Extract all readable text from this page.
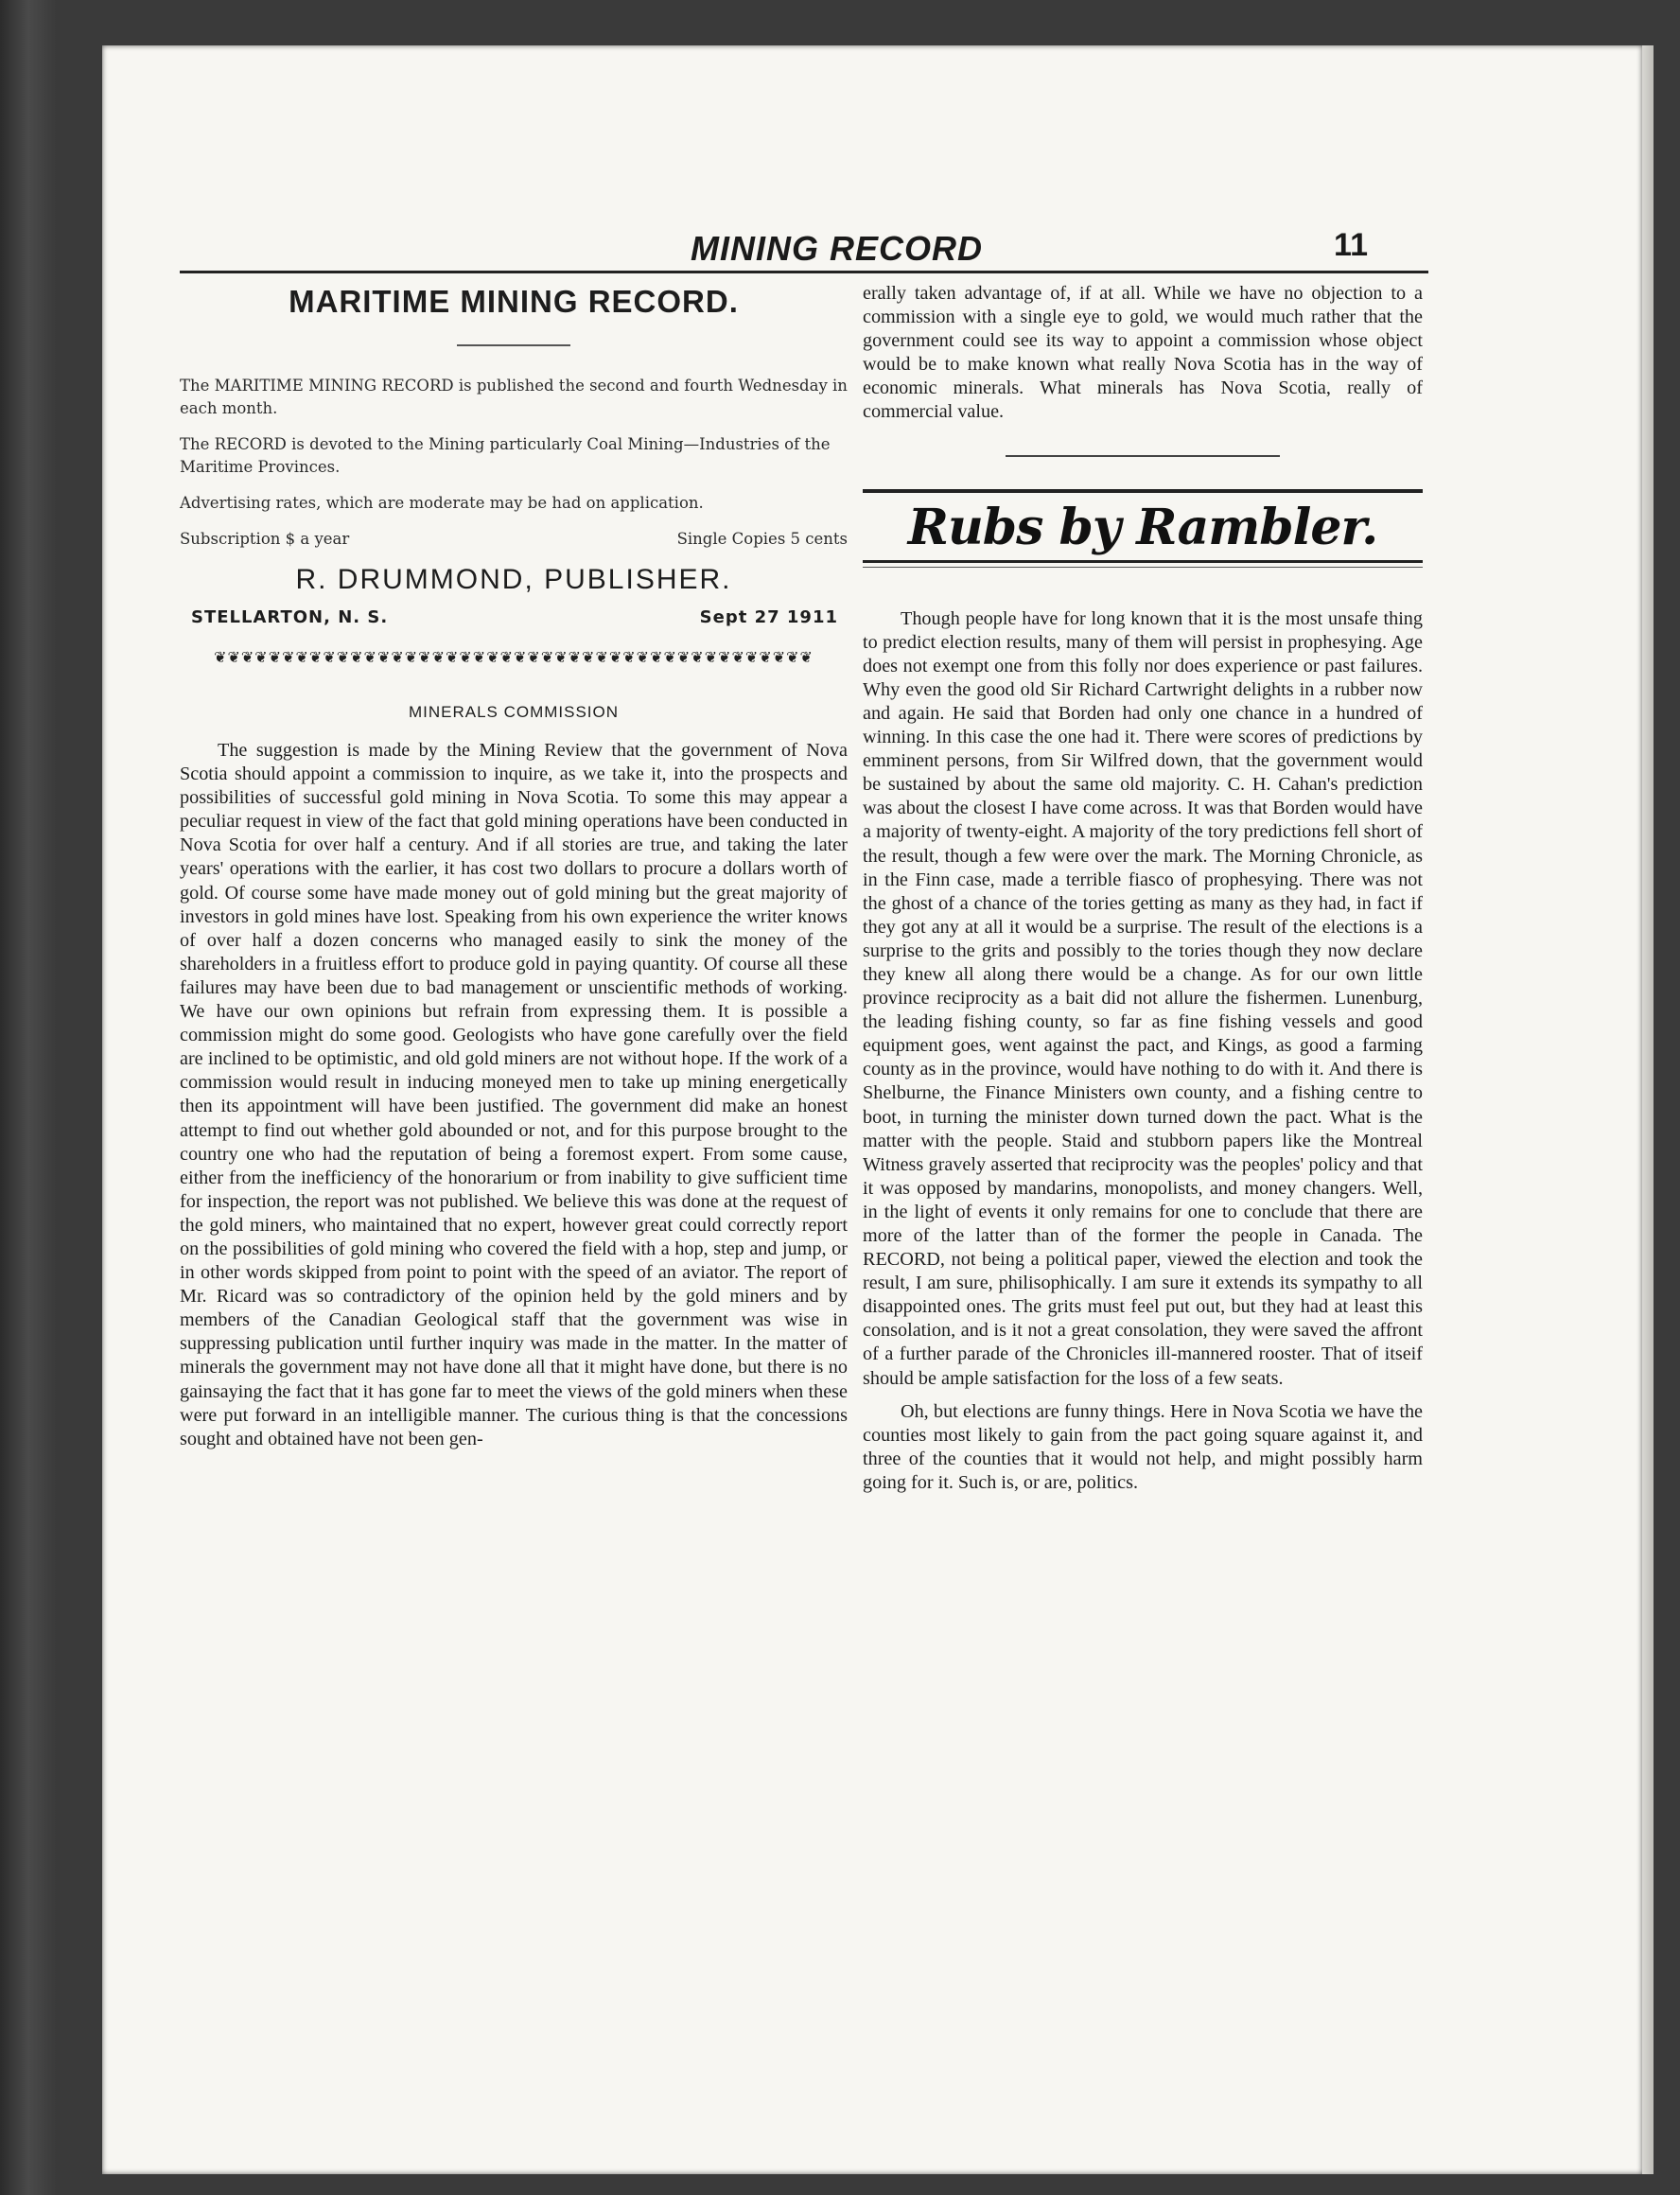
MINING RECORD	11
MARITIME MINING RECORD.

The MARITIME MINING RECORD is published the second and fourth Wednesday in each month.

The RECORD is devoted to the Mining particularly Coal Mining—Industries of the Maritime Provinces.

Advertising rates, which are moderate may be had on application.

Subscription $ a year	Single Copies 5 cents
R. DRUMMOND, PUBLISHER.
STELLARTON, N. S.	Sept 27 1911
❦❦❦❦❦❦❦❦❦❦❦❦❦❦❦❦❦❦❦❦❦❦❦❦❦❦❦❦❦❦❦❦❦❦❦❦❦❦❦❦❦❦❦❦
MINERALS COMMISSION

The suggestion is made by the Mining Review that the government of Nova Scotia should appoint a commission to inquire, as we take it, into the prospects and possibilities of successful gold mining in Nova Scotia. To some this may appear a peculiar request in view of the fact that gold mining operations have been conducted in Nova Scotia for over half a century. And if all stories are true, and taking the later years' operations with the earlier, it has cost two dollars to procure a dollars worth of gold. Of course some have made money out of gold mining but the great majority of investors in gold mines have lost. Speaking from his own experience the writer knows of over half a dozen concerns who managed easily to sink the money of the shareholders in a fruitless effort to produce gold in paying quantity. Of course all these failures may have been due to bad management or unscientific methods of working. We have our own opinions but refrain from expressing them. It is possible a commission might do some good. Geologists who have gone carefully over the field are inclined to be optimistic, and old gold miners are not without hope. If the work of a commission would result in inducing moneyed men to take up mining energetically then its appointment will have been justified. The government did make an honest attempt to find out whether gold abounded or not, and for this purpose brought to the country one who had the reputation of being a foremost expert. From some cause, either from the inefficiency of the honorarium or from inability to give sufficient time for inspection, the report was not published. We believe this was done at the request of the gold miners, who maintained that no expert, however great could correctly report on the possibilities of gold mining who covered the field with a hop, step and jump, or in other words skipped from point to point with the speed of an aviator. The report of Mr. Ricard was so contradictory of the opinion held by the gold miners and by members of the Canadian Geological staff that the government was wise in suppressing publication until further inquiry was made in the matter. In the matter of minerals the government may not have done all that it might have done, but there is no gainsaying the fact that it has gone far to meet the views of the gold miners when these were put forward in an intelligible manner. The curious thing is that the concessions sought and obtained have not been gen-

erally taken advantage of, if at all. While we have no objection to a commission with a single eye to gold, we would much rather that the government could see its way to appoint a commission whose object would be to make known what really Nova Scotia has in the way of economic minerals. What minerals has Nova Scotia, really of commercial value.

Rubs by Rambler.

Though people have for long known that it is the most unsafe thing to predict election results, many of them will persist in prophesying. Age does not exempt one from this folly nor does experience or past failures. Why even the good old Sir Richard Cartwright delights in a rubber now and again. He said that Borden had only one chance in a hundred of winning. In this case the one had it. There were scores of predictions by emminent persons, from Sir Wilfred down, that the government would be sustained by about the same old majority. C. H. Cahan's prediction was about the closest I have come across. It was that Borden would have a majority of twenty-eight. A majority of the tory predictions fell short of the result, though a few were over the mark. The Morning Chronicle, as in the Finn case, made a terrible fiasco of prophesying. There was not the ghost of a chance of the tories getting as many as they had, in fact if they got any at all it would be a surprise. The result of the elections is a surprise to the grits and possibly to the tories though they now declare they knew all along there would be a change. As for our own little province reciprocity as a bait did not allure the fishermen. Lunenburg, the leading fishing county, so far as fine fishing vessels and good equipment goes, went against the pact, and Kings, as good a farming county as in the province, would have nothing to do with it. And there is Shelburne, the Finance Ministers own county, and a fishing centre to boot, in turning the minister down turned down the pact. What is the matter with the people. Staid and stubborn papers like the Montreal Witness gravely asserted that reciprocity was the peoples' policy and that it was opposed by mandarins, monopolists, and money changers. Well, in the light of events it only remains for one to conclude that there are more of the latter than of the former the people in Canada. The RECORD, not being a political paper, viewed the election and took the result, I am sure, philisophically. I am sure it extends its sympathy to all disappointed ones. The grits must feel put out, but they had at least this consolation, and is it not a great consolation, they were saved the affront of a further parade of the Chronicles ill-mannered rooster. That of itseif should be ample satisfaction for the loss of a few seats.

Oh, but elections are funny things. Here in Nova Scotia we have the counties most likely to gain from the pact going square against it, and three of the counties that it would not help, and might possibly harm going for it. Such is, or are, politics.
